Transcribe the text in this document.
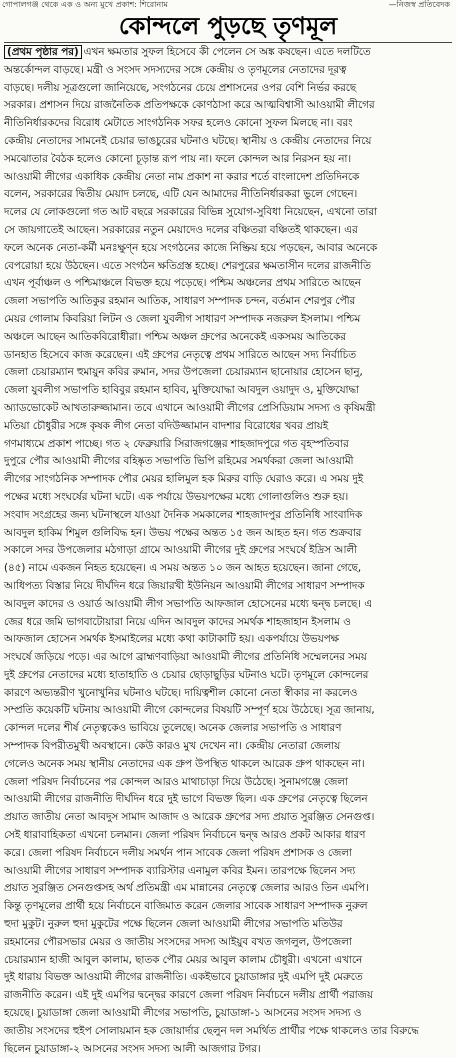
গোপালগঞ্জ থেকে এক ও অন্য মুখে প্রকাশ: শিরোনাম	—নিজস্ব প্রতিবেদক
কোন্দলে পুড়ছে তৃণমূল
(প্রথম পৃষ্ঠার পর) এখন ক্ষমতার সুফল হিসেবে কী পেলেন সে অঙ্ক কষছেন। এতে দলটিতে
অন্তর্কোন্দল বাড়ছে। মন্ত্রী ও সংসদ সদস্যদের সঙ্গে কেন্দ্রীয় ও তৃণমূলের নেতাদের দূরত্ব
বাড়ছে। দলীয় সূত্রগুলো জানিয়েছে, সংগঠনের চেয়ে প্রশাসনের ওপর বেশি নির্ভর করছে
সরকার। প্রশাসন দিয়ে রাজনৈতিক প্রতিপক্ষকে কোণঠাসা করে আত্মবিশ্বাসী আওয়ামী লীগের
নীতিনির্ধারকদের বিরোধ মেটাতে সাংগঠনিক সফর হলেও কোনো সুফল মিলছে না। বরং
কেন্দ্রীয় নেতাদের সামনেই চেয়ার ভাঙচুরের ঘটনাও ঘটছে। স্থানীয় ও কেন্দ্রীয় নেতাদের নিয়ে
সমঝোতার বৈঠক হলেও কোনো চূড়ান্ত রূপ পায় না। ফলে কোন্দল আর নিরসন হয় না।
আওয়ামী লীগের একাধিক কেন্দ্রীয় নেতা নাম প্রকাশ না করার শর্তে বাংলাদেশ প্রতিদিনকে
বলেন, সরকারের দ্বিতীয় মেয়াদ চলছে, এটি যেন আমাদের নীতিনির্ধারকরা ভুলে গেছেন।
দলের যে লোকগুলো গত আট বছরে সরকারের বিভিন্ন সুযোগ-সুবিধা নিয়েছেন, এখনো তারা
সে জায়গাতেই আছেন। সরকারের নতুন মেয়াদেও দলের বঞ্চিতরা বঞ্চিতই থাকছেন। এর
ফলে অনেক নেতা-কর্মী মনঃক্ষুণ্ন হয়ে সংগঠনের কাজে নিষ্ক্রিয় হয়ে পড়ছেন, আবার অনেকে
বেপরোয়া হয়ে উঠছেন। এতে সংগঠন ক্ষতিগ্রস্ত হচ্ছে। শেরপুরের ক্ষমতাসীন দলের রাজনীতি
এখন পূর্বাঞ্চল ও পশ্চিমাঞ্চলে বিভক্ত হয়ে পড়েছে। পশ্চিম অঞ্চলের প্রথম সারিতে আছেন
জেলা সভাপতি আতিকুর রহমান আতিক, সাধারণ সম্পাদক চন্দন, বর্তমান শেরপুর পৌর
মেয়র গোলাম কিবরিয়া লিটন ও জেলা যুবলীগ সাধারণ সম্পাদক নজরুল ইসলাম। পশ্চিম
অঞ্চলে আছেন আতিকবিরোধীরা। পশ্চিম অঞ্চল গ্রুপের অনেকেই একসময় আতিকের
ডানহাত হিসেবে কাজ করেছেন। এই গ্রুপের নেতৃত্বে প্রথম সারিতে আছেন সদ্য নির্বাচিত
জেলা চেয়ারম্যান হুমায়ুন কবির রুমান, সদর উপজেলা চেয়ারম্যান ছানোয়ার হোসেন ছানু,
জেলা যুবলীগ সভাপতি হাবিবুর রহমান হাবিব, মুক্তিযোদ্ধা আবদুল ওয়াদুদ ও, মুক্তিযোদ্ধা
অ্যাডভোকেট আখতারুজ্জামান। তবে এখানে আওয়ামী লীগের প্রেসিডিয়াম সদস্য ও কৃষিমন্ত্রী
মতিয়া চৌধুরীর সঙ্গে কৃষক লীগ নেতা বদিউজ্জামান বাদশার বিরোধের খবর প্রায়ই
গণমাধ্যমে প্রকাশ পাচ্ছে। গত ২ ফেব্রুয়ারি সিরাজগঞ্জের শাহজাদপুরে গত বৃহস্পতিবার
দুপুরে পৌর আওয়ামী লীগের বহিষ্কৃত সভাপতি ভিপি রহিমের সমর্থকরা জেলা আওয়ামী
লীগের সাংগঠনিক সম্পাদক পৌর মেয়র হালিমুল হক মিরুর বাড়ি ঘেরাও করে। এ সময় দুই
পক্ষের মধ্যে সংঘর্ষের ঘটনা ঘটে। এক পর্যায়ে উভয়পক্ষের মধ্যে গোলাগুলিও শুরু হয়।
সংবাদ সংগ্রহের জন্য ঘটনাস্থলে যাওয়া দৈনিক সমকালের শাহজাদপুর প্রতিনিধি সাংবাদিক
আবদুল হাকিম শিমুল গুলিবিদ্ধ হন। উভয় পক্ষের অন্তত ১৫ জন আহত হন। গত শুক্রবার
সকালে সদর উপজেলার মঠগাড়া গ্রামে আওয়ামী লীগের দুই গ্রুপের সংঘর্ষে ইদ্রিস আলী
(৪৫) নামে একজন নিহত হয়েছেন। এ সময় অন্তত ১০ জন আহত হয়েছেন। জানা গেছে,
আধিপত্য বিস্তার নিয়ে দীর্ঘদিন ধরে জিয়ারখী ইউনিয়ন আওয়ামী লীগের সাধারণ সম্পাদক
আবদুল কাদের ও ওয়ার্ড আওয়ামী লীগ সভাপতি আফজাল হোসেনের মধ্যে দ্বন্দ্ব চলছে। এ
জের ধরে জমি ভাগবাটোয়ারা নিয়ে এদিন আবদুল কাদের সমর্থক শাহজাহান ইসলাম ও
আফজাল হোসেন সমর্থক ইসমাইলের মধ্যে কথা কাটাকাটি হয়। একপর্যায়ে উভয়পক্ষ
সংঘর্ষে জড়িয়ে পড়ে। এর আগে ব্রাহ্মণবাড়িয়া আওয়ামী লীগের প্রতিনিধি সম্মেলনের সময়
দুই গ্রুপের নেতাদের মধ্যে হাতাহাতি ও চেয়ার ছোড়াছুড়ির ঘটনাও ঘটে। তৃণমূলে কোন্দলের
কারণে অভ্যন্তরীণ খুনোখুনির ঘটনাও ঘটছে। দায়িত্বশীল কোনো নেতা স্বীকার না করলেও
সম্প্রতি কয়েকটি ঘটনায় আওয়ামী লীগে কোন্দলের বিষয়টি সম্পূর্ণ হয়ে উঠেছে। সূত্র জানায়,
কোন্দল দলের শীর্ষ নেতৃত্বকেও ভাবিয়ে তুলেছে। অনেক জেলার সভাপতি ও সাধারণ
সম্পাদক বিপরীতমুখী অবস্থানে। কেউ কারও মুখ দেখেন না। কেন্দ্রীয় নেতারা জেলায়
গেলেও অনেক সময় স্থানীয় নেতাদের এক গ্রুপ উপস্থিত থাকলে আরেক গ্রুপ থাকছেন না।
জেলা পরিষদ নির্বাচনের পর কোন্দল আরও মাথাচাড়া দিয়ে উঠেছে। সুনামগঞ্জে জেলা
আওয়ামী লীগের রাজনীতি দীর্ঘদিন ধরে দুই ভাগে বিভক্ত ছিল। এক গ্রুপের নেতৃত্বে ছিলেন
প্রয়াত জাতীয় নেতা আবদুস সামাদ আজাদ ও আরেক গ্রুপের সদ্য প্রয়াত সুরঞ্জিত সেনগুপ্ত।
সেই ধারাবাহিকতা এখনো চলমান। জেলা পরিষদ নির্বাচনে দ্বন্দ্ব আরও প্রকট আকার ধারণ
করে। জেলা পরিষদ নির্বাচনে দলীয় সমর্থন পান সাবেক জেলা পরিষদ প্রশাসক ও জেলা
আওয়ামী লীগের সাধারণ সম্পাদক ব্যারিস্টার এনামুল কবির ইমন। তারপক্ষে ছিলেন সদ্য
প্রয়াত সুরঞ্জিত সেনগুপ্তসহ অর্থ প্রতিমন্ত্রী এম মান্নানের নেতৃত্বে জেলার আরও তিন এমপি।
কিন্তু তৃণমূলের প্রার্থী হয়ে নির্বাচনে বাজিমাত করেন জেলার সাবেক সাধারণ সম্পাদক নুরুল
হুদা মুকুট। নুরুল হুদা মুকুটের পক্ষে ছিলেন জেলা আওয়ামী লীগের সভাপতি মতিউর
রহমানের পৌরসভার মেয়র ও জাতীয় সংসদের সদস্য আইয়ুব বখত জগলুল, উপজেলা
চেয়ারম্যান হাজী আবুল কালাম, ছাতক পৌর মেয়র আবুল কালাম চৌধুরী। এখনো এখানে
দুই ধারায় বিভক্ত আওয়ামী লীগের রাজনীতি। একইভাবে চুয়াডাঙ্গার দুই এমপি দুই মেরুতে
রাজনীতি করেন। এই দুই এমপির দ্বন্দ্বের কারণে জেলা পরিষদ নির্বাচনে দলীয় প্রার্থী পরাজয়
হয়েছে। চুয়াডাঙ্গা জেলা আওয়ামী লীগের সভাপতি, চুয়াডাঙ্গা-১ আসনের সংসদ সদস্য ও
জাতীয় সংসদের হুইপ সোলায়মান হক জোয়ার্দার ছেলুন দল সমর্থিত প্রার্থীর পক্ষে থাকলেও তার বিরুদ্ধে
ছিলেন চুয়াডাঙ্গা-২ আসনের সংসদ সদস্য আলী আজগার টগর।
